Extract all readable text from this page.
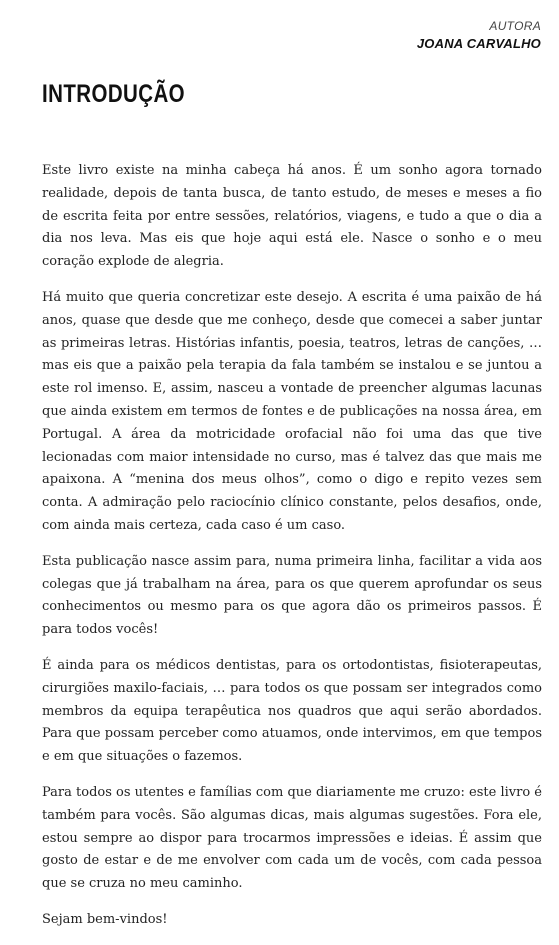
AUTORA
JOANA CARVALHO
INTRODUÇÃO

Este livro existe na minha cabeça há anos. É um sonho agora tornado realidade, depois de tanta busca, de tanto estudo, de meses e meses a fio de escrita feita por entre sessões, relatórios, viagens, e tudo a que o dia a dia nos leva. Mas eis que hoje aqui está ele. Nasce o sonho e o meu coração explode de alegria.

Há muito que queria concretizar este desejo. A escrita é uma paixão de há anos, quase que desde que me conheço, desde que comecei a saber juntar as primeiras letras. Histórias infantis, poesia, teatros, letras de canções, … mas eis que a paixão pela terapia da fala também se instalou e se juntou a este rol imenso. E, assim, nasceu a vontade de preencher algumas lacunas que ainda existem em termos de fontes e de publicações na nossa área, em Portugal. A área da motricidade orofacial não foi uma das que tive lecionadas com maior intensidade no curso, mas é talvez das que mais me apaixona. A “menina dos meus olhos”, como o digo e repito vezes sem conta. A admiração pelo raciocínio clínico constante, pelos desafios, onde, com ainda mais certeza, cada caso é um caso.

Esta publicação nasce assim para, numa primeira linha, facilitar a vida aos colegas que já trabalham na área, para os que querem aprofundar os seus conhecimentos ou mesmo para os que agora dão os primeiros passos. É para todos vocês!

É ainda para os médicos dentistas, para os ortodontistas, fisioterapeutas, cirurgiões maxilo-faciais, … para todos os que possam ser integrados como membros da equipa terapêutica nos quadros que aqui serão abordados. Para que possam perceber como atuamos, onde intervimos, em que tempos e em que situações o fazemos.

Para todos os utentes e famílias com que diariamente me cruzo: este livro é também para vocês. São algumas dicas, mais algumas sugestões. Fora ele, estou sempre ao dispor para trocarmos impressões e ideias. É assim que gosto de estar e de me envolver com cada um de vocês, com cada pessoa que se cruza no meu caminho.

Sejam bem-vindos!
